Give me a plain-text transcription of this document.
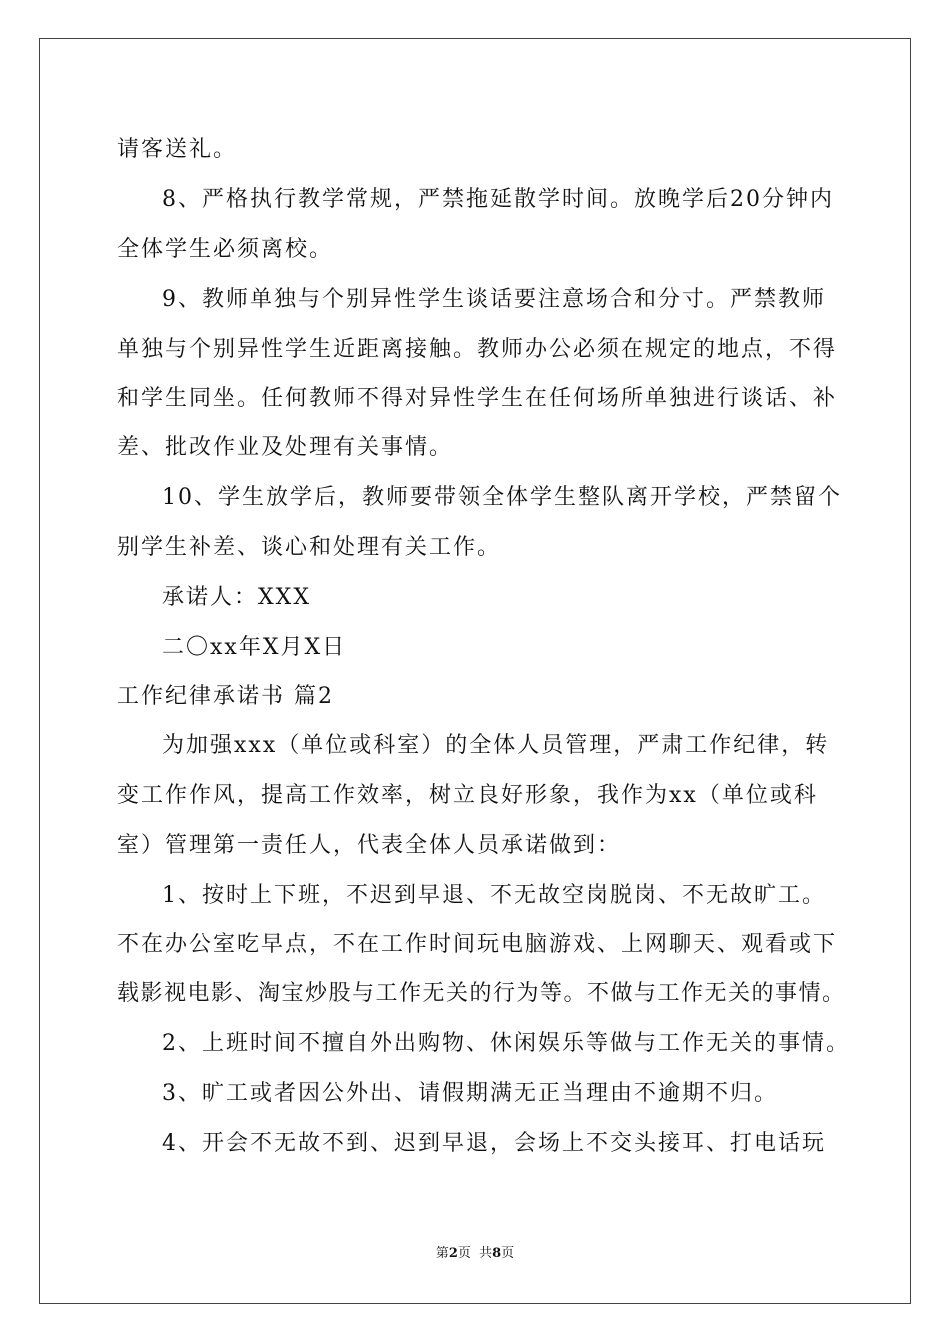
请客送礼。
8、严格执行教学常规，严禁拖延散学时间。放晚学后20分钟内
全体学生必须离校。
9、教师单独与个别异性学生谈话要注意场合和分寸。严禁教师
单独与个别异性学生近距离接触。教师办公必须在规定的地点，不得
和学生同坐。任何教师不得对异性学生在任何场所单独进行谈话、补
差、批改作业及处理有关事情。
10、学生放学后，教师要带领全体学生整队离开学校，严禁留个
别学生补差、谈心和处理有关工作。
承诺人：XXX
二〇xx年X月X日
工作纪律承诺书 篇2
为加强xxx（单位或科室）的全体人员管理，严肃工作纪律，转
变工作作风，提高工作效率，树立良好形象，我作为xx（单位或科
室）管理第一责任人，代表全体人员承诺做到：
1、按时上下班，不迟到早退、不无故空岗脱岗、不无故旷工。
不在办公室吃早点，不在工作时间玩电脑游戏、上网聊天、观看或下
载影视电影、淘宝炒股与工作无关的行为等。不做与工作无关的事情。
2、上班时间不擅自外出购物、休闲娱乐等做与工作无关的事情。
3、旷工或者因公外出、请假期满无正当理由不逾期不归。
4、开会不无故不到、迟到早退，会场上不交头接耳、打电话玩
第2页  共8页
